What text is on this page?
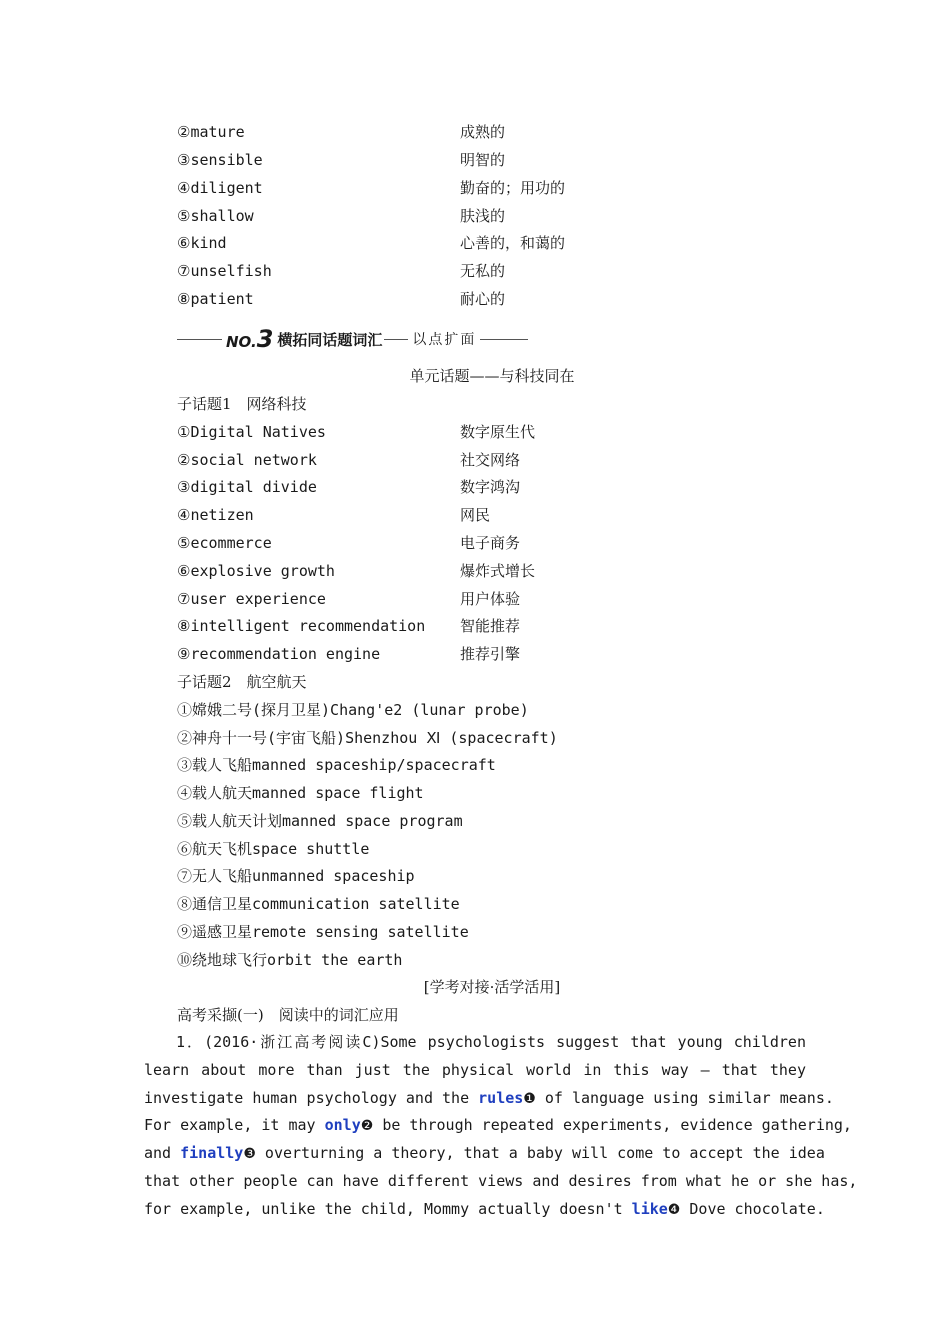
②mature	成熟的
③sensible	明智的
④diligent	勤奋的；用功的
⑤shallow	肤浅的
⑥kind	心善的，和蔼的
⑦unselfish	无私的
⑧patient	耐心的
NO.3 横拓同话题词汇 以点扩面
单元话题——与科技同在
子话题1　网络科技
①Digital Natives	数字原生代
②social network	社交网络
③digital divide	数字鸿沟
④netizen	网民
⑤ecommerce	电子商务
⑥explosive growth	爆炸式增长
⑦user experience	用户体验
⑧intelligent recommendation 智能推荐
⑨recommendation engine	推荐引擎
子话题2　航空航天
①嫦娥二号(探月卫星)Chang'e2 (lunar probe)
②神舟十一号(宇宙飞船)Shenzhou Ⅺ (spacecraft)
③载人飞船manned spaceship/spacecraft
④载人航天manned space flight
⑤载人航天计划manned space program
⑥航天飞机space shuttle
⑦无人飞船unmanned spaceship
⑧通信卫星communication satellite
⑨遥感卫星remote sensing satellite
⑩绕地球飞行orbit the earth
[学考对接·活学活用]
高考采撷(一)　阅读中的词汇应用
1．(2016·浙江高考阅读C)Some psychologists suggest that young children
learn about more than just the physical world in this way — that they
investigate human psychology and the rules❶ of language using similar means.
For example, it may only❷ be through repeated experiments, evidence gathering,
and finally❸ overturning a theory, that a baby will come to accept the idea
that other people can have different views and desires from what he or she has,
for example, unlike the child, Mommy actually doesn't like❹ Dove chocolate.
